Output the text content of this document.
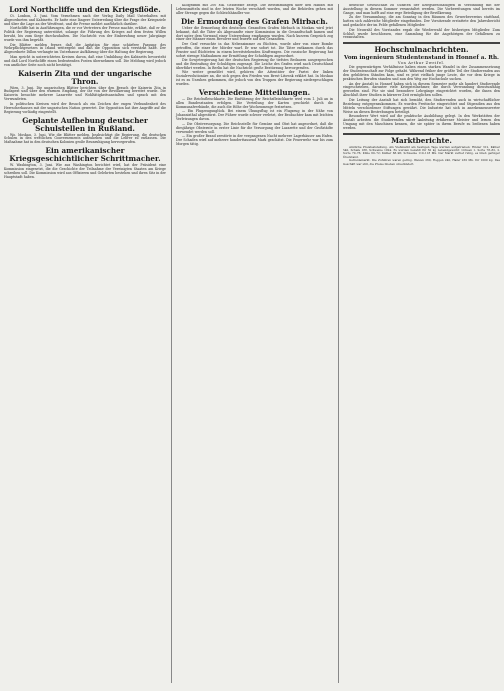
Lord Northcliffe und den Kriegsflöde.

Ct. Lonbon, 3. Juni. Vom Vernehmen nach der Verlag Daily Mail Unterhalten mit Abgeordneten und Kabinetts. Er hatte eine längere Unterredung über die Frage der Kriegsziele und über die Lage an der Westfront, und die Presse meldet ausführlich darüber.

Northcliffe hat in Ausführungen, die er vor Vertretern der Presse machte, erklärt, daß er die Politik der Regierung unterstützt, solange die Führung des Krieges auf dem festen Willen beruht, bis zum Siege durchzuhalten. Die Nachricht von der Einberufung neuer Jahrgänge wurde von ihm begrüßt.

Die Blätter melden ferner, daß die Agitation für eine schärfere Fassung des Wehrpflichtgesetzes in Irland weitergeht und daß die Opposition sich verstärkt habe. Der Abgeordnete Dillon verlangte im Unterhause Aufklärung über die Haltung der Regierung.

Man spricht in unterrichteten Kreisen davon, daß eine Umbildung des Kabinetts bevorsteht und daß Lord Northcliffe einen bedeutenden Posten übernehmen soll. Die Meldung wird jedoch von amtlicher Seite noch nicht bestätigt.

Kaiserin Zita und der ungarische Thron.

Wien, 3. Juni. Die ungarischen Blätter berichten über den Besuch der Kaiserin Zita in Budapest und über den warmen Empfang, der ihr von der Bevölkerung bereitet wurde. Die Kaiserin besuchte mehrere Lazarette und Wohltätigkeitsanstalten und sprach mit den Verwundeten.

In politischen Kreisen wird der Besuch als ein Zeichen der engen Verbundenheit des Herrscherhauses mit der ungarischen Nation gewertet. Die Opposition hat ihre Angriffe auf die Regierung vorläufig eingestellt.

Geplante Aufhebung deutscher Schulstellen in Rußland.

Wo. Moskau, 3. Juni. Wie die Blätter melden, beabsichtigt die Regierung, die deutschen Schulen in den westlichen Gouvernements aufzuheben und die Lehrer zu entlassen. Die Maßnahme hat in den deutschen Kolonien große Beunruhigung hervorgerufen.

Ein amerikanischer Kriegsgeschichtlicher Schrittmacher.

W. Washington, 3. Juni. Wie aus Washington berichtet wird, hat der Präsident eine Kommission eingesetzt, die die Geschichte der Teilnahme der Vereinigten Staaten am Kriege schreiben soll. Die Kommission wird aus Offizieren und Gelehrten bestehen und ihren Sitz in der Hauptstadt haben.

Kilogramm mit 200 Mk. Geldstrafe belegt. Die Bestimmungen über den Handel mit Lebensmitteln sind in der letzten Woche verschärft worden, und die Behörden gehen mit aller Strenge gegen die Schleichhändler vor.

Die Ermordung des Grafen Mirbach.

Ueber die Ermordung des deutschen Gesandten Grafen Mirbach in Moskau wird jetzt bekannt, daß die Täter als Abgesandte einer Kommission in die Gesandtschaft kamen und dort unter dem Vorwand einer Unterredung empfangen wurden. Nach kurzem Gespräch zog einer der Männer einen Revolver und feuerte auf den Gesandten.

Der Graf versuchte in das Nebenzimmer zu flüchten, wurde aber von einer Bombe getroffen, die einer der Mörder warf. Er war sofort tot. Die Täter entkamen durch das Fenster und flüchteten in einem bereitstehenden Kraftwagen. Die russische Regierung hat sofort strenge Maßnahmen zur Ermittlung der Schuldigen angeordnet.

Die Sowjetregierung hat der deutschen Regierung ihr tiefstes Bedauern ausgesprochen und die Bestrafung der Schuldigen zugesagt. Die Leiche des Grafen wird nach Deutschland überführt werden. In Berlin hat die Nachricht große Bestürzung hervorgerufen.

Wie weiter gemeldet wird, gehören die Attentäter der Partei der linken Sozialrevolutionäre an, die sich gegen den Frieden von Brest-Litowsk erklärt hat. In Moskau ist es zu Unruhen gekommen, die jedoch von den Truppen der Regierung niedergeschlagen wurden.

Verschiedene Mitteilungen.

— Die Reichsfleischkarte. Die Einführung der Reichsfleischkarte wird vom 1. Juli an in allen Bundesstaaten erfolgen. Die Verteilung der Karten geschieht durch die Kommunalverbände, die auch die Höhe der Wochenmenge festsetzen.

— Ein Flugzeugunglück. Bei einem Übungsflug ist ein Flugzeug in der Nähe von Johannisthal abgestürzt. Der Führer wurde schwer verletzt, der Beobachter kam mit leichten Verletzungen davon.

— Die Obstversorgung. Die Reichsstelle für Gemüse und Obst hat angeordnet, daß die diesjährige Obsternte in erster Linie für die Versorgung der Lazarette und der Großstädte verwendet werden soll.

— Ein großer Brand zerstörte in der vergangenen Nacht mehrere Lagerhäuser am Hafen. Der Schaden wird auf mehrere hunderttausend Mark geschätzt. Die Feuerwehr war bis zum Morgen tätig.

deutsche Gesellschaft zu Gunsten der Kriegsbeschädigten in Verbindung mit der Ausstellung in diesem Sommer veranstaltet werden. Die Vorbereitungen sind bereits im Gange, und man hofft auf eine rege Beteiligung der Bevölkerung.

Zu der Versammlung, die am Sonntag in den Räumen des Gewerbevereins stattfand, hatten sich zahlreiche Mitglieder eingefunden. Der Vorsitzende erstattete den Jahresbericht und gedachte der im Felde gefallenen Mitglieder.

Die Neuwahl des Vorstandes ergab die Wiederwahl der bisherigen Mitglieder. Zum Schluß wurde beschlossen, eine Sammlung für die Angehörigen der Gefallenen zu veranstalten.

Hochschulnachrichten.
Vom ingenieurn Studentenstand in Honnef a. Rh.
Von Arthur Zweifel.

Die gegenwärtigen Verhältnisse haben einen starken Wandel in der Zusammensetzung der Studentenschaft zur Folge gehabt. Während früher der größte Teil der Studierenden aus den gebildeten Ständen kam, sind es jetzt vielfach junge Leute, die vor dem Kriege in praktischen Berufen standen und nun den Weg zur Hochschule suchen.

An der Anstalt in Honnef haben sich in diesem Semester mehr als hundert Studierende eingeschrieben, darunter viele Kriegsteilnehmer, die durch Verwundung dienstunfähig geworden sind. Für sie sind besondere Lehrgänge eingerichtet worden, die ihnen den Abschluß ihrer Studien in kürzerer Zeit ermöglichen sollen.

Die Leitung der Anstalt hat sich bemüht, den Studierenden auch in wirtschaftlicher Beziehung entgegenzukommen. Es wurden Freitische eingerichtet und Stipendien aus den Mitteln verschiedener Stiftungen gewährt. Die Industrie hat sich in anerkennenswerter Weise an diesen Bestrebungen beteiligt.

Besonderer Wert wird auf die praktische Ausbildung gelegt. In den Werkstätten der Anstalt arbeiten die Studierenden unter Anleitung erfahrener Meister und lernen den Umgang mit den Maschinen kennen, die sie später in ihrem Berufe zu bedienen haben werden.

Marktberichte.

Amtliche Preisfeststellung. Am Viehmarkt am heutigen Tage wurden aufgetrieben: Rinder 312, Kälber 540, Schafe 188, Schweine 1024. Es wurden bezahlt für 50 kg Lebendgewicht: Ochsen 1. Sorte 78–82, 2. Sorte 70–76; Kühe 60–72; Kälber 88–96; Schweine 110–118 Mk. Der Markt verlief ruhig, es blieb geringer Überstand.

Getreidemarkt. Die Zufuhren waren gering. Weizen 260, Roggen 240, Hafer 230 Mk. für 1000 kg. Das Geschäft war still, die Preise blieben unverändert.
